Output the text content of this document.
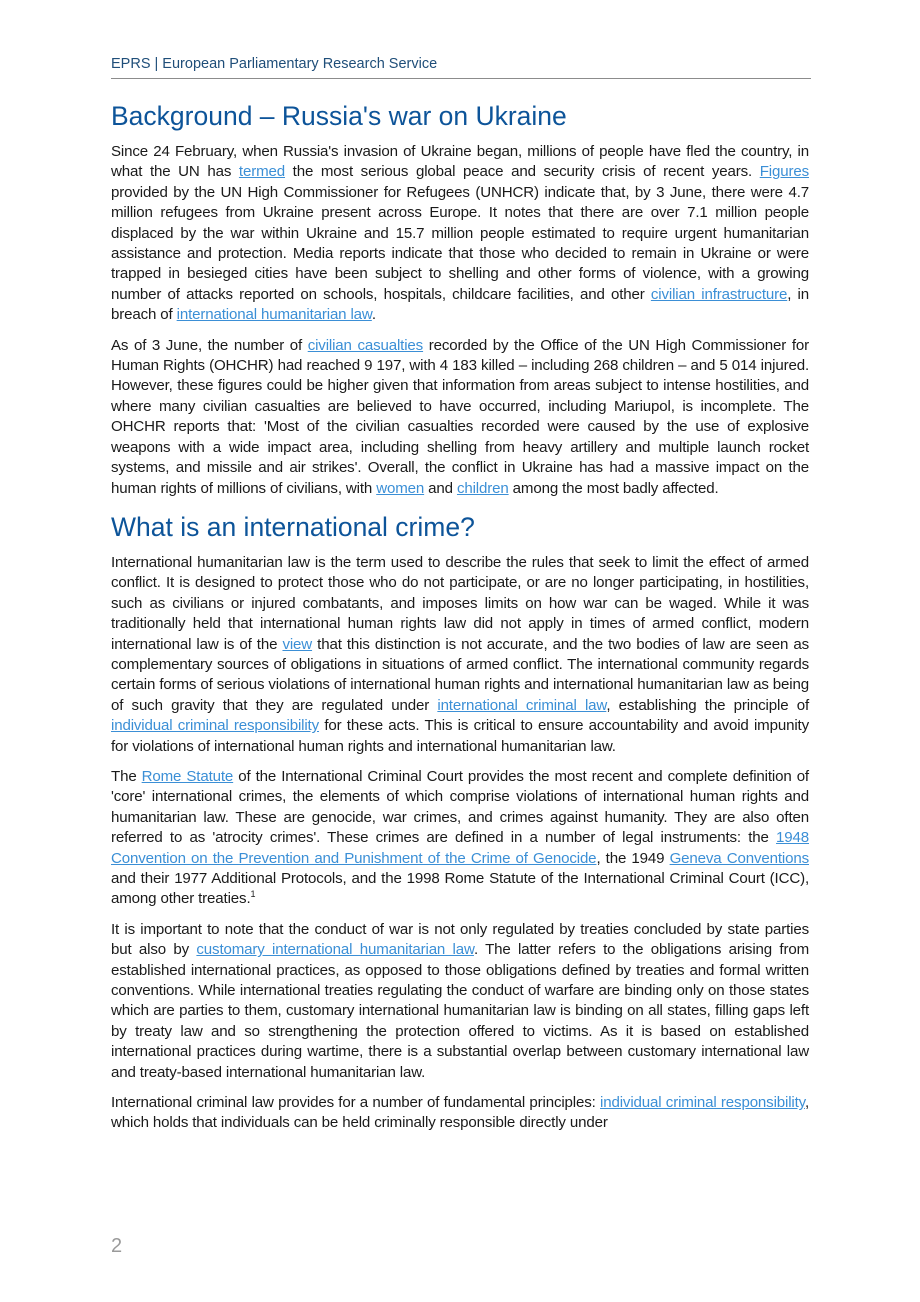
EPRS | European Parliamentary Research Service
Background – Russia's war on Ukraine

Since 24 February, when Russia's invasion of Ukraine began, millions of people have fled the country, in what the UN has termed the most serious global peace and security crisis of recent years. Figures provided by the UN High Commissioner for Refugees (UNHCR) indicate that, by 3 June, there were 4.7 million refugees from Ukraine present across Europe. It notes that there are over 7.1 million people displaced by the war within Ukraine and 15.7 million people estimated to require urgent humanitarian assistance and protection. Media reports indicate that those who decided to remain in Ukraine or were trapped in besieged cities have been subject to shelling and other forms of violence, with a growing number of attacks reported on schools, hospitals, childcare facilities, and other civilian infrastructure, in breach of international humanitarian law.

As of 3 June, the number of civilian casualties recorded by the Office of the UN High Commissioner for Human Rights (OHCHR) had reached 9 197, with 4 183 killed – including 268 children – and 5 014 injured. However, these figures could be higher given that information from areas subject to intense hostilities, and where many civilian casualties are believed to have occurred, including Mariupol, is incomplete. The OHCHR reports that: 'Most of the civilian casualties recorded were caused by the use of explosive weapons with a wide impact area, including shelling from heavy artillery and multiple launch rocket systems, and missile and air strikes'. Overall, the conflict in Ukraine has had a massive impact on the human rights of millions of civilians, with women and children among the most badly affected.

What is an international crime?

International humanitarian law is the term used to describe the rules that seek to limit the effect of armed conflict. It is designed to protect those who do not participate, or are no longer participating, in hostilities, such as civilians or injured combatants, and imposes limits on how war can be waged. While it was traditionally held that international human rights law did not apply in times of armed conflict, modern international law is of the view that this distinction is not accurate, and the two bodies of law are seen as complementary sources of obligations in situations of armed conflict. The international community regards certain forms of serious violations of international human rights and international humanitarian law as being of such gravity that they are regulated under international criminal law, establishing the principle of individual criminal responsibility for these acts. This is critical to ensure accountability and avoid impunity for violations of international human rights and international humanitarian law.

The Rome Statute of the International Criminal Court provides the most recent and complete definition of 'core' international crimes, the elements of which comprise violations of international human rights and humanitarian law. These are genocide, war crimes, and crimes against humanity. They are also often referred to as 'atrocity crimes'. These crimes are defined in a number of legal instruments: the 1948 Convention on the Prevention and Punishment of the Crime of Genocide, the 1949 Geneva Conventions and their 1977 Additional Protocols, and the 1998 Rome Statute of the International Criminal Court (ICC), among other treaties.$^1$

It is important to note that the conduct of war is not only regulated by treaties concluded by state parties but also by customary international humanitarian law. The latter refers to the obligations arising from established international practices, as opposed to those obligations defined by treaties and formal written conventions. While international treaties regulating the conduct of warfare are binding only on those states which are parties to them, customary international humanitarian law is binding on all states, filling gaps left by treaty law and so strengthening the protection offered to victims. As it is based on established international practices during wartime, there is a substantial overlap between customary international law and treaty-based international humanitarian law.

International criminal law provides for a number of fundamental principles: individual criminal responsibility, which holds that individuals can be held criminally responsible directly under

2
